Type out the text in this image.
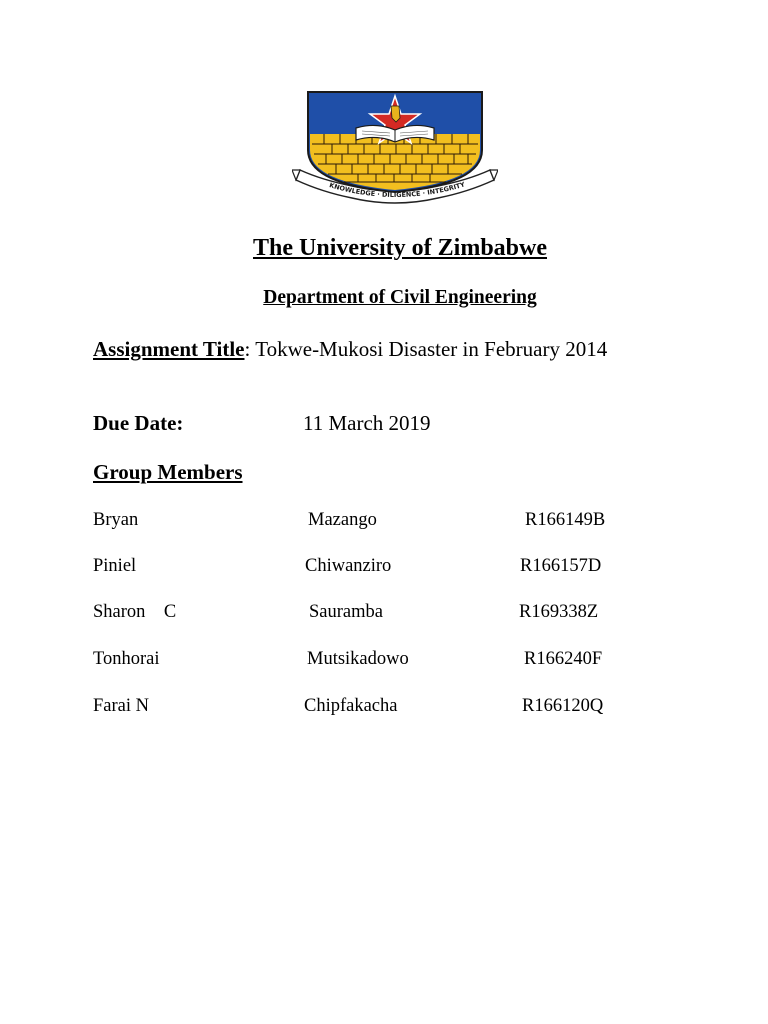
KNOWLEDGE · DILIGENCE · INTEGRITY
The University of Zimbabwe
Department of Civil Engineering
Assignment Title: Tokwe-Mukosi Disaster in February 2014
Due Date:	11 March 2019
Group Members
Bryan	Mazango	R166149B
Piniel	Chiwanziro	R166157D
Sharon    C	Sauramba	R169338Z
Tonhorai	Mutsikadowo	R166240F
Farai N	Chipfakacha	R166120Q
